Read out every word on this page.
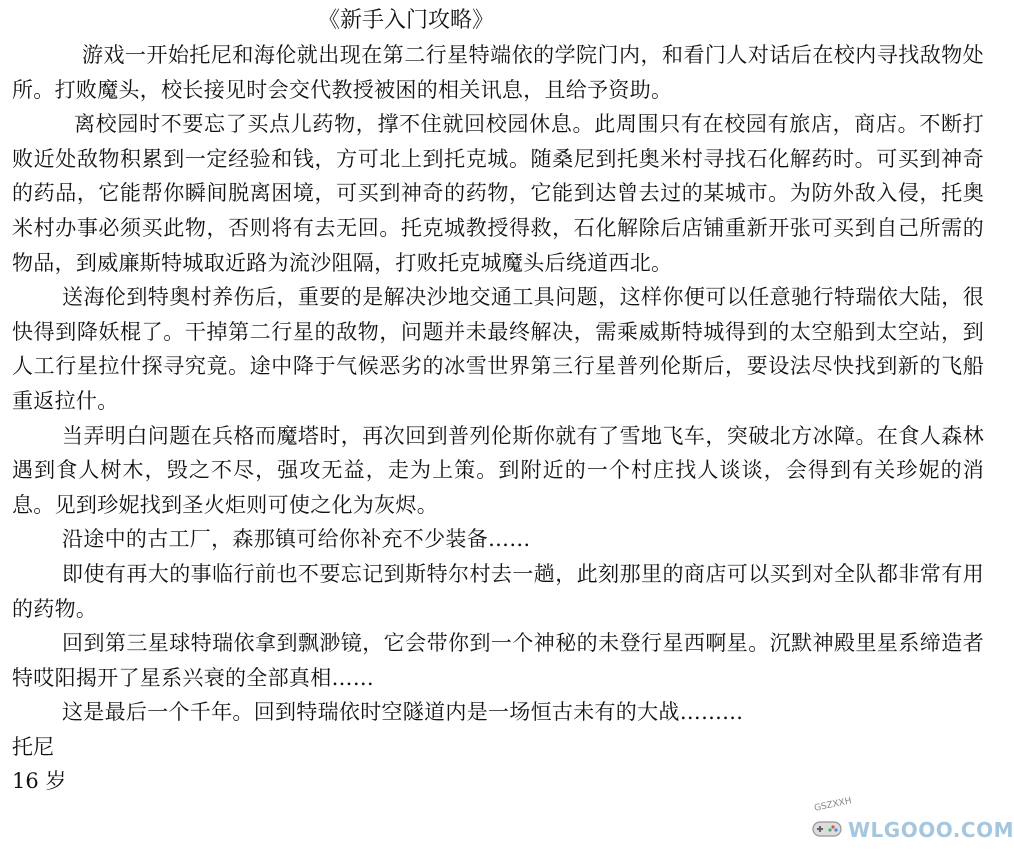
《新手入门攻略》

游戏一开始托尼和海伦就出现在第二行星特端依的学院门内，和看门人对话后在校内寻找敌物处所。打败魔头，校长接见时会交代教授被困的相关讯息，且给予资助。

离校园时不要忘了买点儿药物，撑不住就回校园休息。此周围只有在校园有旅店，商店。不断打败近处敌物积累到一定经验和钱，方可北上到托克城。随桑尼到托奥米村寻找石化解药时。可买到神奇的药品，它能帮你瞬间脱离困境，可买到神奇的药物，它能到达曾去过的某城市。为防外敌入侵，托奥米村办事必须买此物，否则将有去无回。托克城教授得救，石化解除后店铺重新开张可买到自己所需的物品，到威廉斯特城取近路为流沙阻隔，打败托克城魔头后绕道西北。

送海伦到特奥村养伤后，重要的是解决沙地交通工具问题，这样你便可以任意驰行特瑞依大陆，很快得到降妖棍了。干掉第二行星的敌物，问题并未最终解决，需乘威斯特城得到的太空船到太空站，到人工行星拉什探寻究竟。途中降于气候恶劣的冰雪世界第三行星普列伦斯后，要设法尽快找到新的飞船重返拉什。

当弄明白问题在兵格而魔塔时，再次回到普列伦斯你就有了雪地飞车，突破北方冰障。在食人森林遇到食人树木，毁之不尽，强攻无益，走为上策。到附近的一个村庄找人谈谈，会得到有关珍妮的消息。见到珍妮找到圣火炬则可使之化为灰烬。

沿途中的古工厂，森那镇可给你补充不少装备……

即使有再大的事临行前也不要忘记到斯特尔村去一趟，此刻那里的商店可以买到对全队都非常有用的药物。

回到第三星球特瑞依拿到飘渺镜，它会带你到一个神秘的未登行星西啊星。沉默神殿里星系缔造者特哎阳揭开了星系兴衰的全部真相……

这是最后一个千年。回到特瑞依时空隧道内是一场恒古未有的大战……...

托尼

16 岁

GSZXXH
WLGOOO.COM
